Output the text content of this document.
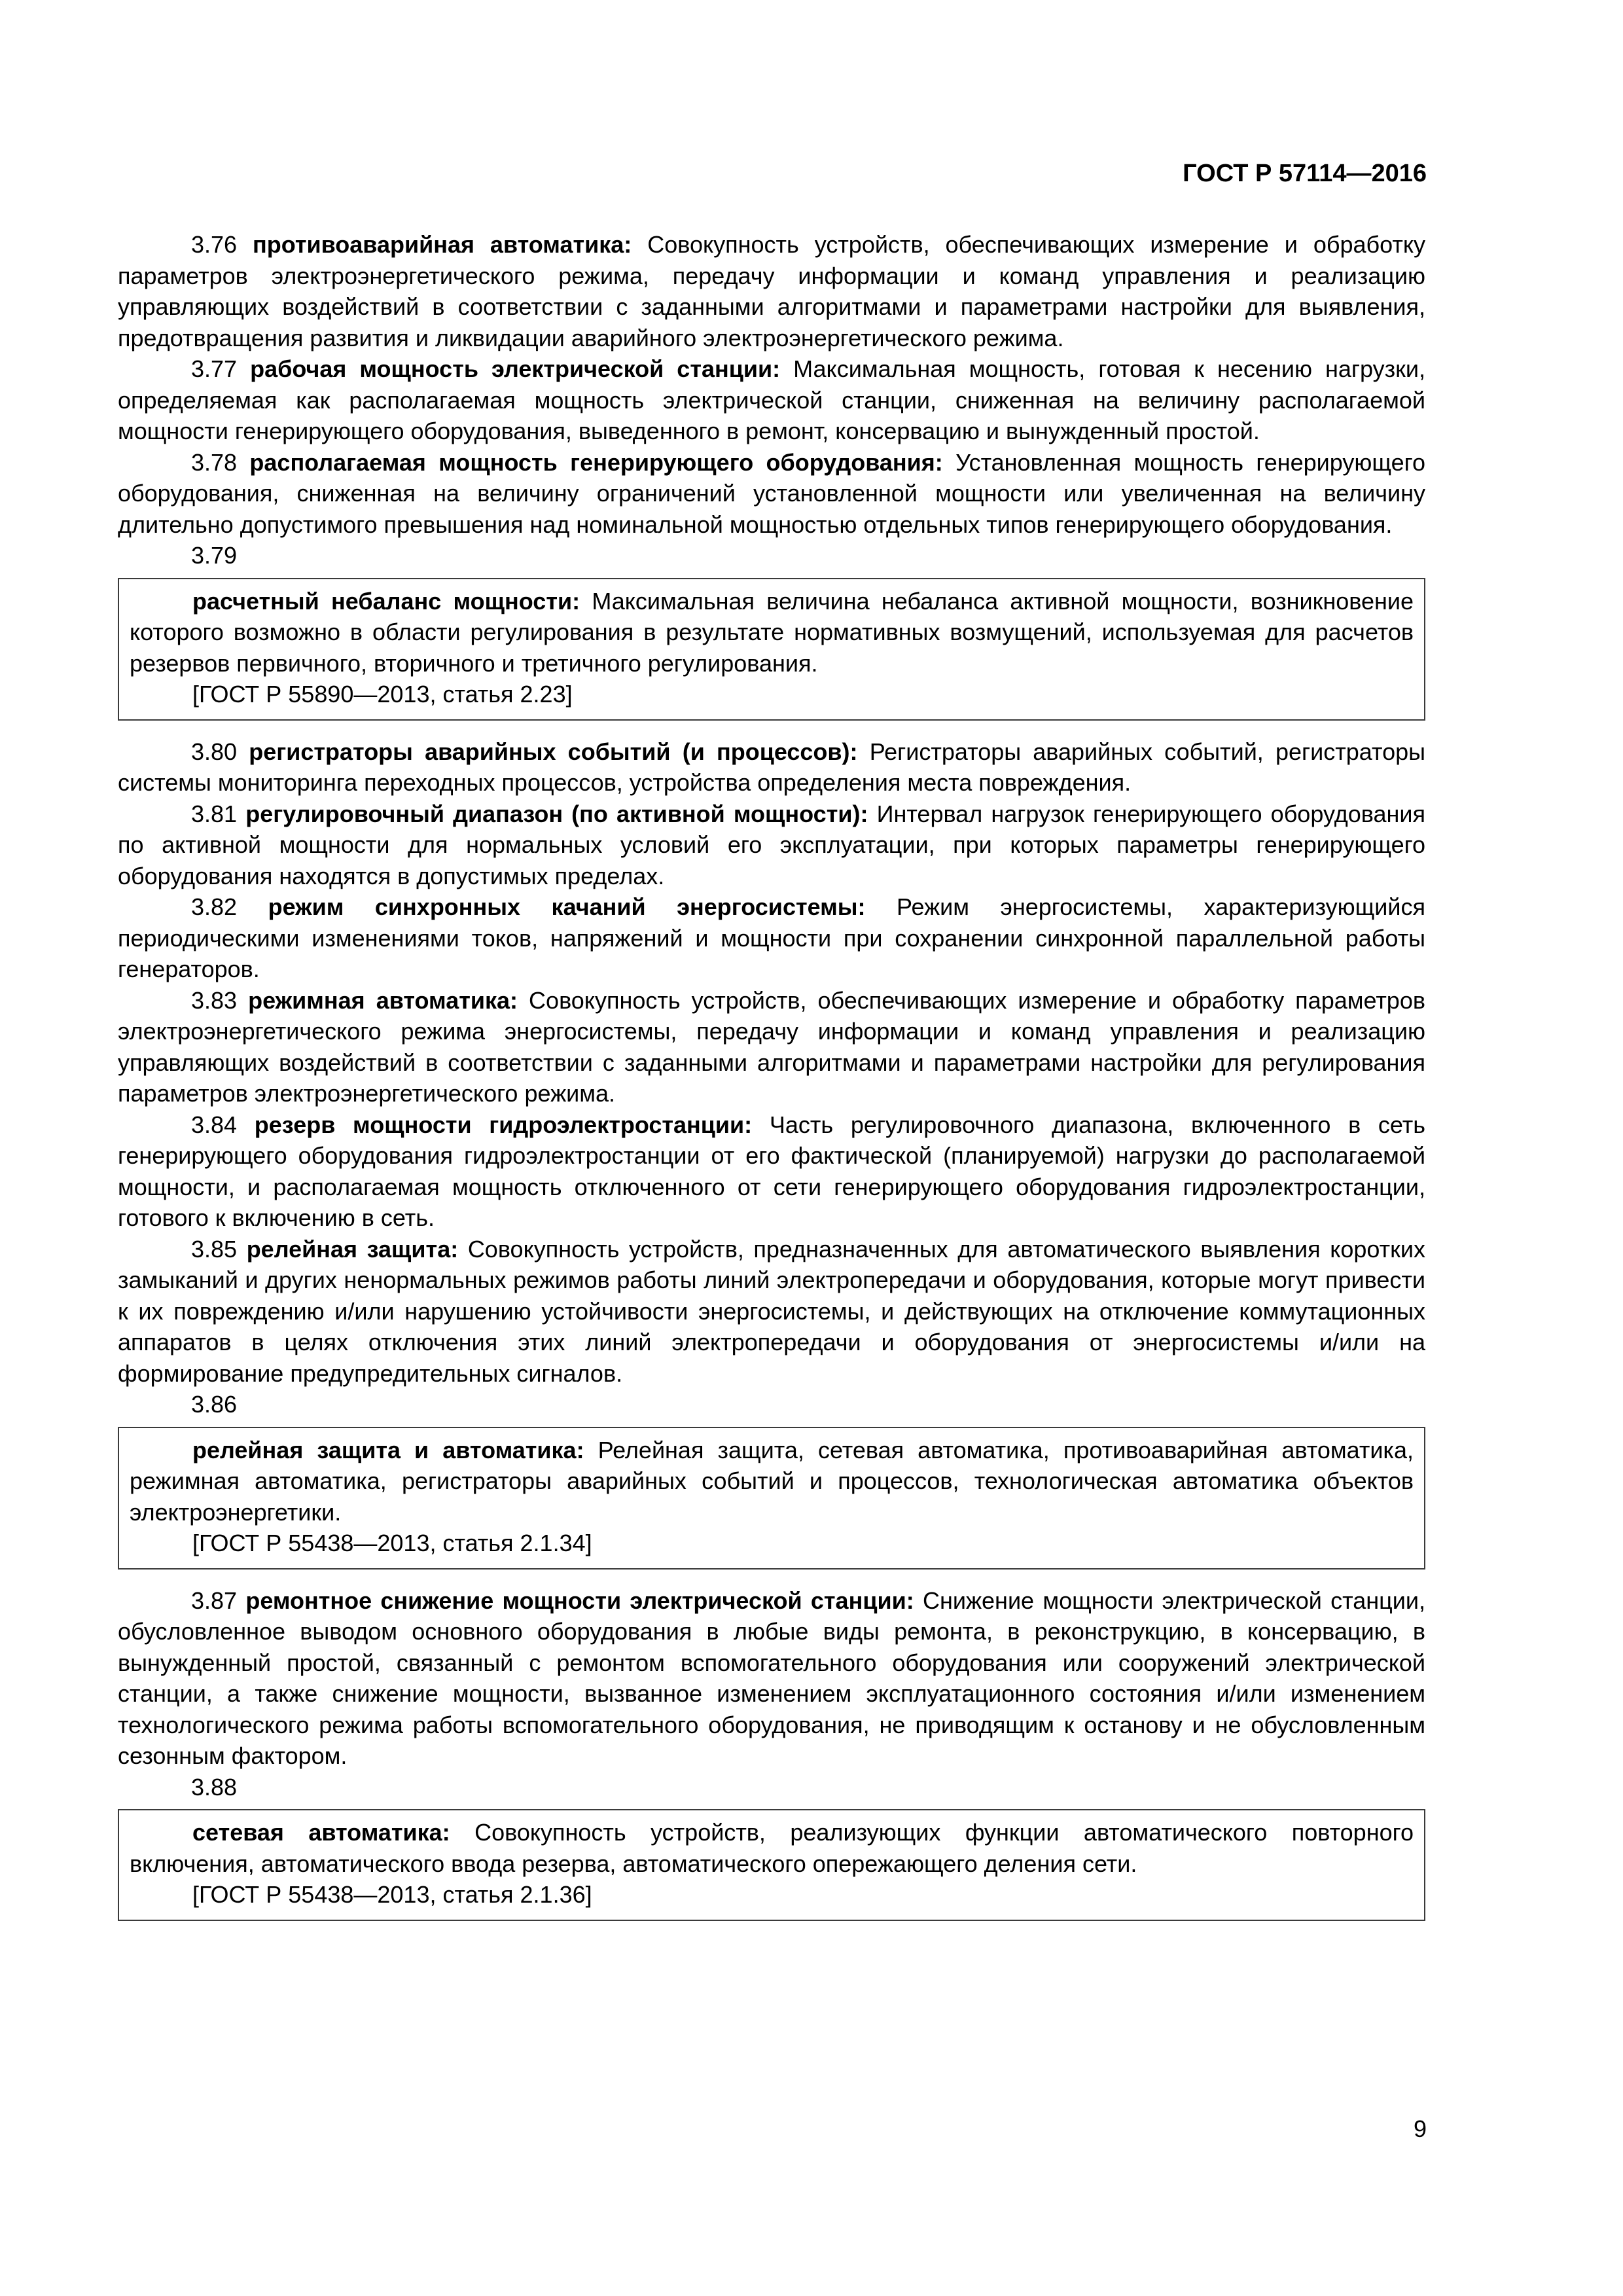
ГОСТ Р 57114—2016

3.76 противоаварийная автоматика: Совокупность устройств, обеспечивающих измерение и обработку параметров электроэнергетического режима, передачу информации и команд управления и реализацию управляющих воздействий в соответствии с заданными алгоритмами и параметрами настройки для выявления, предотвращения развития и ликвидации аварийного электроэнергетического режима.

3.77 рабочая мощность электрической станции: Максимальная мощность, готовая к несению нагрузки, определяемая как располагаемая мощность электрической станции, сниженная на величину располагаемой мощности генерирующего оборудования, выведенного в ремонт, консервацию и вынужденный простой.

3.78 располагаемая мощность генерирующего оборудования: Установленная мощность генерирующего оборудования, сниженная на величину ограничений установленной мощности или увеличенная на величину длительно допустимого превышения над номинальной мощностью отдельных типов генерирующего оборудования.

3.79

расчетный небаланс мощности: Максимальная величина небаланса активной мощности, возникновение которого возможно в области регулирования в результате нормативных возмущений, используемая для расчетов резервов первичного, вторичного и третичного регулирования.

[ГОСТ Р 55890—2013, статья 2.23]

3.80 регистраторы аварийных событий (и процессов): Регистраторы аварийных событий, регистраторы системы мониторинга переходных процессов, устройства определения места повреждения.

3.81 регулировочный диапазон (по активной мощности): Интервал нагрузок генерирующего оборудования по активной мощности для нормальных условий его эксплуатации, при которых параметры генерирующего оборудования находятся в допустимых пределах.

3.82 режим синхронных качаний энергосистемы: Режим энергосистемы, характеризующийся периодическими изменениями токов, напряжений и мощности при сохранении синхронной параллельной работы генераторов.

3.83 режимная автоматика: Совокупность устройств, обеспечивающих измерение и обработку параметров электроэнергетического режима энергосистемы, передачу информации и команд управления и реализацию управляющих воздействий в соответствии с заданными алгоритмами и параметрами настройки для регулирования параметров электроэнергетического режима.

3.84 резерв мощности гидроэлектростанции: Часть регулировочного диапазона, включенного в сеть генерирующего оборудования гидроэлектростанции от его фактической (планируемой) нагрузки до располагаемой мощности, и располагаемая мощность отключенного от сети генерирующего оборудования гидроэлектростанции, готового к включению в сеть.

3.85 релейная защита: Совокупность устройств, предназначенных для автоматического выявления коротких замыканий и других ненормальных режимов работы линий электропередачи и оборудования, которые могут привести к их повреждению и/или нарушению устойчивости энергосистемы, и действующих на отключение коммутационных аппаратов в целях отключения этих линий электропередачи и оборудования от энергосистемы и/или на формирование предупредительных сигналов.

3.86

релейная защита и автоматика: Релейная защита, сетевая автоматика, противоаварийная автоматика, режимная автоматика, регистраторы аварийных событий и процессов, технологическая автоматика объектов электроэнергетики.

[ГОСТ Р 55438—2013, статья 2.1.34]

3.87 ремонтное снижение мощности электрической станции: Снижение мощности электрической станции, обусловленное выводом основного оборудования в любые виды ремонта, в реконструкцию, в консервацию, в вынужденный простой, связанный с ремонтом вспомогательного оборудования или сооружений электрической станции, а также снижение мощности, вызванное изменением эксплуатационного состояния и/или изменением технологического режима работы вспомогательного оборудования, не приводящим к останову и не обусловленным сезонным фактором.

3.88

сетевая автоматика: Совокупность устройств, реализующих функции автоматического повторного включения, автоматического ввода резерва, автоматического опережающего деления сети.

[ГОСТ Р 55438—2013, статья 2.1.36]

9
